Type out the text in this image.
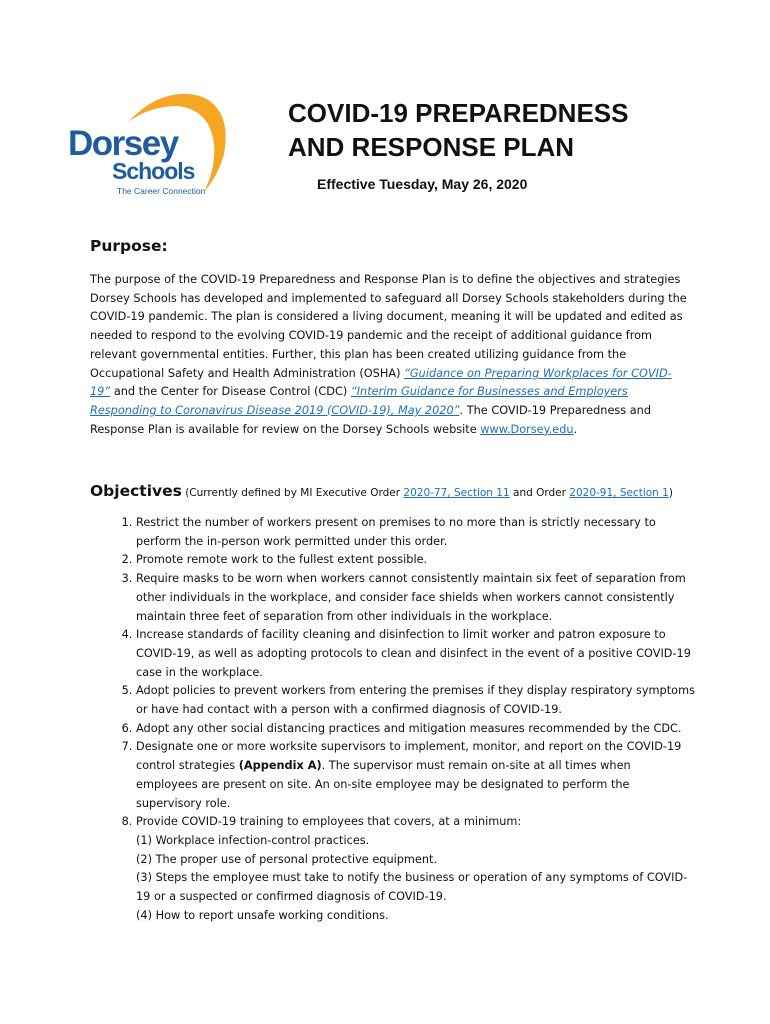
Dorsey
Schools
The Career Connection
COVID-19 PREPAREDNESS AND RESPONSE PLAN
Effective Tuesday, May 26, 2020
Purpose:
The purpose of the COVID-19 Preparedness and Response Plan is to define the objectives and strategies Dorsey Schools has developed and implemented to safeguard all Dorsey Schools stakeholders during the COVID-19 pandemic. The plan is considered a living document, meaning it will be updated and edited as needed to respond to the evolving COVID-19 pandemic and the receipt of additional guidance from relevant governmental entities. Further, this plan has been created utilizing guidance from the Occupational Safety and Health Administration (OSHA) “Guidance on Preparing Workplaces for COVID-19” and the Center for Disease Control (CDC) “Interim Guidance for Businesses and Employers Responding to Coronavirus Disease 2019 (COVID-19), May 2020”. The COVID-19 Preparedness and Response Plan is available for review on the Dorsey Schools website www.Dorsey.edu.
Objectives (Currently defined by MI Executive Order 2020-77, Section 11 and Order 2020-91, Section 1)
1. Restrict the number of workers present on premises to no more than is strictly necessary to perform the in-person work permitted under this order.
2. Promote remote work to the fullest extent possible.
3. Require masks to be worn when workers cannot consistently maintain six feet of separation from other individuals in the workplace, and consider face shields when workers cannot consistently maintain three feet of separation from other individuals in the workplace.
4. Increase standards of facility cleaning and disinfection to limit worker and patron exposure to COVID-19, as well as adopting protocols to clean and disinfect in the event of a positive COVID-19 case in the workplace.
5. Adopt policies to prevent workers from entering the premises if they display respiratory symptoms or have had contact with a person with a confirmed diagnosis of COVID-19.
6. Adopt any other social distancing practices and mitigation measures recommended by the CDC.
7. Designate one or more worksite supervisors to implement, monitor, and report on the COVID-19 control strategies (Appendix A). The supervisor must remain on-site at all times when employees are present on site. An on-site employee may be designated to perform the supervisory role.
8. Provide COVID-19 training to employees that covers, at a minimum:
(1) Workplace infection-control practices.
(2) The proper use of personal protective equipment.
(3) Steps the employee must take to notify the business or operation of any symptoms of COVID-19 or a suspected or confirmed diagnosis of COVID-19.
(4) How to report unsafe working conditions.
